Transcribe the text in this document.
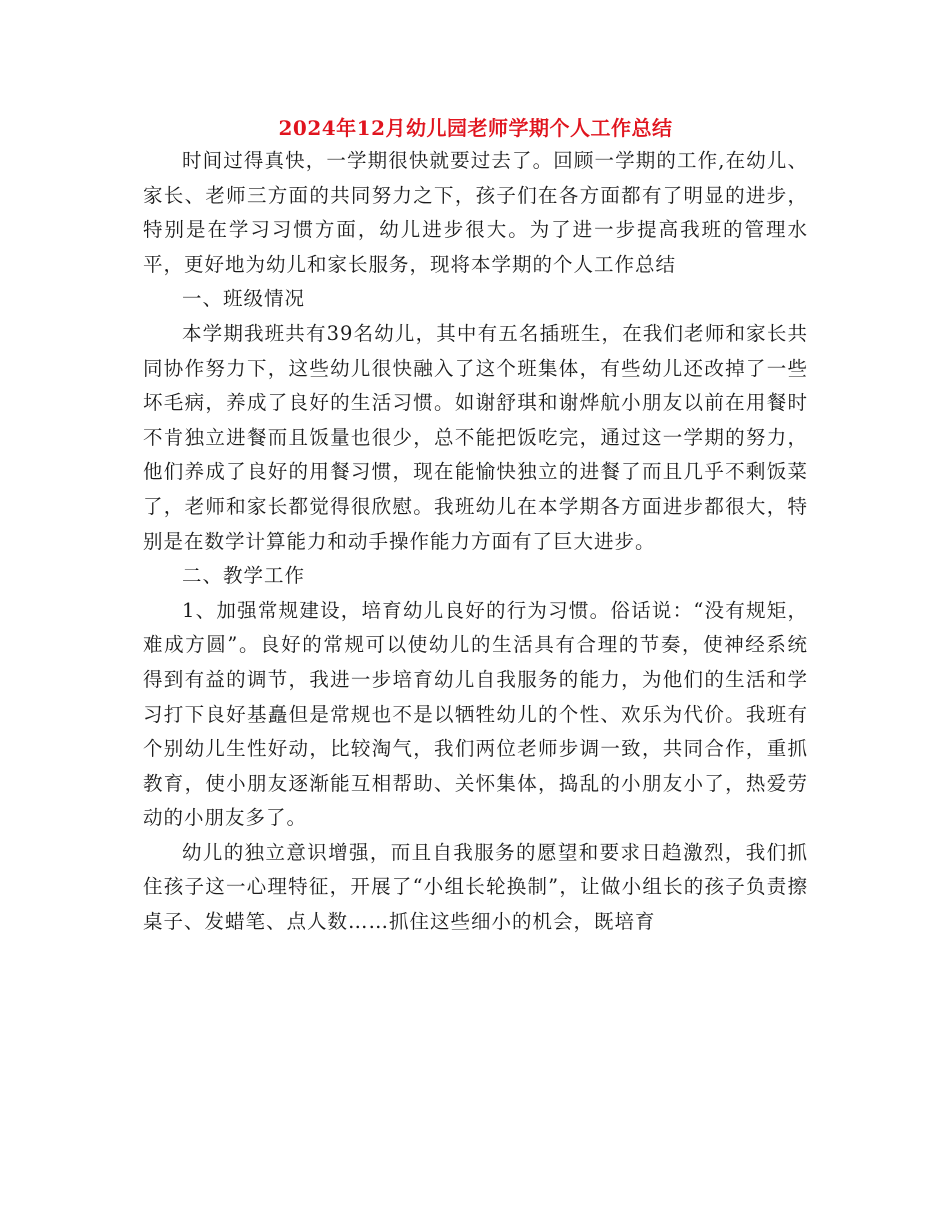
2024年12月幼儿园老师学期个人工作总结

时间过得真快，一学期很快就要过去了。回顾一学期的工作,在幼儿、家长、老师三方面的共同努力之下，孩子们在各方面都有了明显的进步，特别是在学习习惯方面，幼儿进步很大。为了进一步提高我班的管理水平，更好地为幼儿和家长服务，现将本学期的个人工作总结

一、班级情况

本学期我班共有39名幼儿，其中有五名插班生，在我们老师和家长共同协作努力下，这些幼儿很快融入了这个班集体，有些幼儿还改掉了一些坏毛病，养成了良好的生活习惯。如谢舒琪和谢烨航小朋友以前在用餐时不肯独立进餐而且饭量也很少，总不能把饭吃完，通过这一学期的努力，他们养成了良好的用餐习惯，现在能愉快独立的进餐了而且几乎不剩饭菜了，老师和家长都觉得很欣慰。我班幼儿在本学期各方面进步都很大，特别是在数学计算能力和动手操作能力方面有了巨大进步。

二、教学工作

1、加强常规建设，培育幼儿良好的行为习惯。俗话说：“没有规矩，难成方圆”。良好的常规可以使幼儿的生活具有合理的节奏，使神经系统得到有益的调节，我进一步培育幼儿自我服务的能力，为他们的生活和学习打下良好基矗但是常规也不是以牺牲幼儿的个性、欢乐为代价。我班有个别幼儿生性好动，比较淘气，我们两位老师步调一致，共同合作，重抓教育，使小朋友逐渐能互相帮助、关怀集体，捣乱的小朋友小了，热爱劳动的小朋友多了。

幼儿的独立意识增强，而且自我服务的愿望和要求日趋激烈，我们抓住孩子这一心理特征，开展了“小组长轮换制”，让做小组长的孩子负责擦桌子、发蜡笔、点人数……抓住这些细小的机会，既培育
